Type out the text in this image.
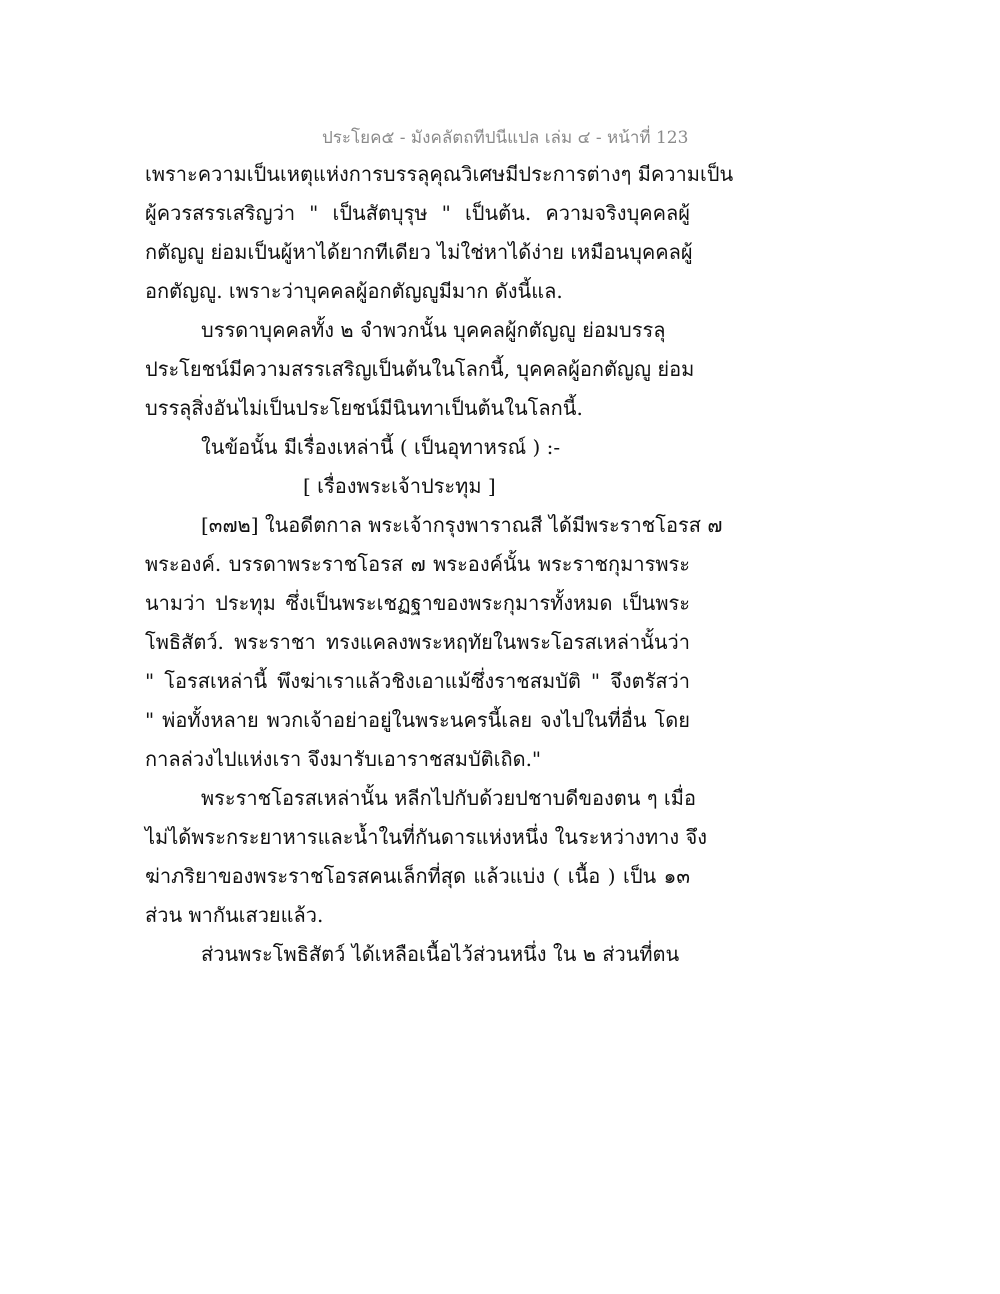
ประโยค๕ - มังคลัตถทีปนีแปล เล่ม ๔ - หน้าที่ 123
เพราะความเป็นเหตุแห่งการบรรลุคุณวิเศษมีประการต่างๆ มีความเป็น
ผู้ควรสรรเสริญว่า " เป็นสัตบุรุษ " เป็นต้น. ความจริงบุคคลผู้
กตัญญู ย่อมเป็นผู้หาได้ยากทีเดียว ไม่ใช่หาได้ง่าย เหมือนบุคคลผู้
อกตัญญู. เพราะว่าบุคคลผู้อกตัญญูมีมาก ดังนี้แล.
บรรดาบุคคลทั้ง ๒ จำพวกนั้น บุคคลผู้กตัญญู ย่อมบรรลุ
ประโยชน์มีความสรรเสริญเป็นต้นในโลกนี้, บุคคลผู้อกตัญญู ย่อม
บรรลุสิ่งอันไม่เป็นประโยชน์มีนินทาเป็นต้นในโลกนี้.
ในข้อนั้น มีเรื่องเหล่านี้ ( เป็นอุทาหรณ์ ) :-
[ เรื่องพระเจ้าประทุม ]
[๓๗๒] ในอดีตกาล พระเจ้ากรุงพาราณสี ได้มีพระราชโอรส ๗
พระองค์. บรรดาพระราชโอรส ๗ พระองค์นั้น พระราชกุมารพระ
นามว่า ประทุม ซึ่งเป็นพระเชฏฐาของพระกุมารทั้งหมด เป็นพระ
โพธิสัตว์. พระราชา ทรงแคลงพระหฤทัยในพระโอรสเหล่านั้นว่า
" โอรสเหล่านี้ พึงฆ่าเราแล้วชิงเอาแม้ซึ่งราชสมบัติ " จึงตรัสว่า
" พ่อทั้งหลาย พวกเจ้าอย่าอยู่ในพระนครนี้เลย จงไปในที่อื่น โดย
กาลล่วงไปแห่งเรา จึงมารับเอาราชสมบัติเถิด."
พระราชโอรสเหล่านั้น หลีกไปกับด้วยปชาบดีของตน ๆ เมื่อ
ไม่ได้พระกระยาหารและน้ำในที่กันดารแห่งหนึ่ง ในระหว่างทาง จึง
ฆ่าภริยาของพระราชโอรสคนเล็กที่สุด แล้วแบ่ง ( เนื้อ ) เป็น ๑๓
ส่วน พากันเสวยแล้ว.
ส่วนพระโพธิสัตว์ ได้เหลือเนื้อไว้ส่วนหนึ่ง ใน ๒ ส่วนที่ตน
